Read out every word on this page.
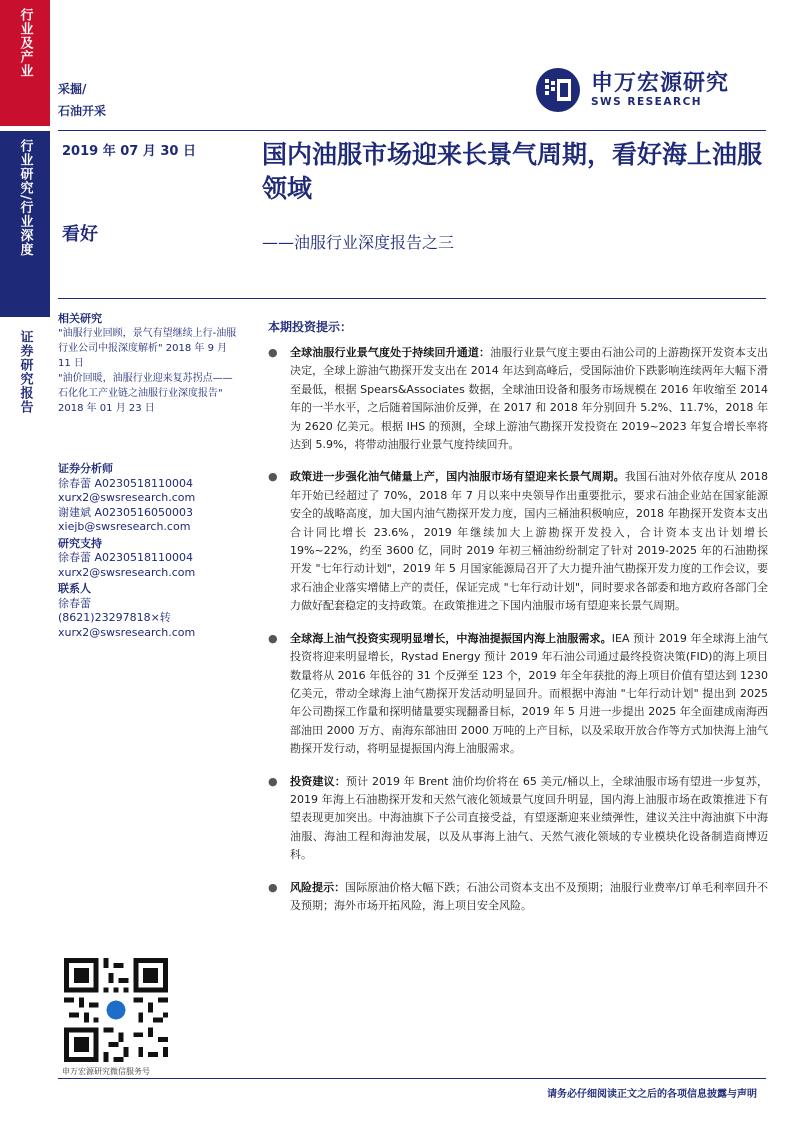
行业及产业
行业研究/行业深度
证券研究报告
采掘/
石油开采
申万宏源研究
SWS RESEARCH
2019 年 07 月 30 日
看好
国内油服市场迎来长景气周期，看好海上油服领域
——油服行业深度报告之三
相关研究

"油服行业回顾，景气有望继续上行-油服行业公司中报深度解析" 2018 年 9 月 11 日

"油价回暖，油服行业迎来复苏拐点——石化化工产业链之油服行业深度报告" 2018 年 01 月 23 日

证券分析师
徐春蕾 A0230518110004
xurx2@swsresearch.com
谢建斌 A0230516050003
xiejb@swsresearch.com
研究支持
徐春蕾 A0230518110004
xurx2@swsresearch.com
联系人
徐春蕾
(8621)23297818×转
xurx2@swsresearch.com
本期投资提示：
● 全球油服行业景气度处于持续回升通道：油服行业景气度主要由石油公司的上游勘探开发资本支出决定，全球上游油气勘探开发支出在 2014 年达到高峰后，受国际油价下跌影响连续两年大幅下滑至最低，根据 Spears&Associates 数据，全球油田设备和服务市场规模在 2016 年收缩至 2014 年的一半水平，之后随着国际油价反弹，在 2017 和 2018 年分别回升 5.2%、11.7%，2018 年为 2620 亿美元。根据 IHS 的预测，全球上游油气勘探开发投资在 2019~2023 年复合增长率将达到 5.9%，将带动油服行业景气度持续回升。
● 政策进一步强化油气储量上产，国内油服市场有望迎来长景气周期。我国石油对外依存度从 2018 年开始已经超过了 70%，2018 年 7 月以来中央领导作出重要批示，要求石油企业站在国家能源安全的战略高度，加大国内油气勘探开发力度，国内三桶油积极响应，2018 年勘探开发资本支出合计同比增长 23.6%，2019 年继续加大上游勘探开发投入，合计资本支出计划增长 19%~22%，约至 3600 亿，同时 2019 年初三桶油纷纷制定了针对 2019-2025 年的石油勘探开发 "七年行动计划"，2019 年 5 月国家能源局召开了大力提升油气勘探开发力度的工作会议，要求石油企业落实增储上产的责任，保证完成 "七年行动计划"，同时要求各部委和地方政府各部门全力做好配套稳定的支持政策。在政策推进之下国内油服市场有望迎来长景气周期。
● 全球海上油气投资实现明显增长，中海油提振国内海上油服需求。IEA 预计 2019 年全球海上油气投资将迎来明显增长，Rystad Energy 预计 2019 年石油公司通过最终投资决策(FID)的海上项目数量将从 2016 年低谷的 31 个反弹至 123 个，2019 年全年获批的海上项目价值有望达到 1230 亿美元，带动全球海上油气勘探开发活动明显回升。而根据中海油 "七年行动计划" 提出到 2025 年公司勘探工作量和探明储量要实现翻番目标，2019 年 5 月进一步提出 2025 年全面建成南海西部油田 2000 万方、南海东部油田 2000 万吨的上产目标，以及采取开放合作等方式加快海上油气勘探开发行动，将明显提振国内海上油服需求。
● 投资建议：预计 2019 年 Brent 油价均价将在 65 美元/桶以上，全球油服市场有望进一步复苏，2019 年海上石油勘探开发和天然气液化领域景气度回升明显，国内海上油服市场在政策推进下有望表现更加突出。中海油旗下子公司直接受益，有望逐渐迎来业绩弹性，建议关注中海油旗下中海油服、海油工程和海油发展，以及从事海上油气、天然气液化领域的专业模块化设备制造商博迈科。
● 风险提示：国际原油价格大幅下跌；石油公司资本支出不及预期；油服行业费率/订单毛利率回升不及预期；海外市场开拓风险，海上项目安全风险。
申万宏源研究微信服务号
请务必仔细阅读正文之后的各项信息披露与声明
